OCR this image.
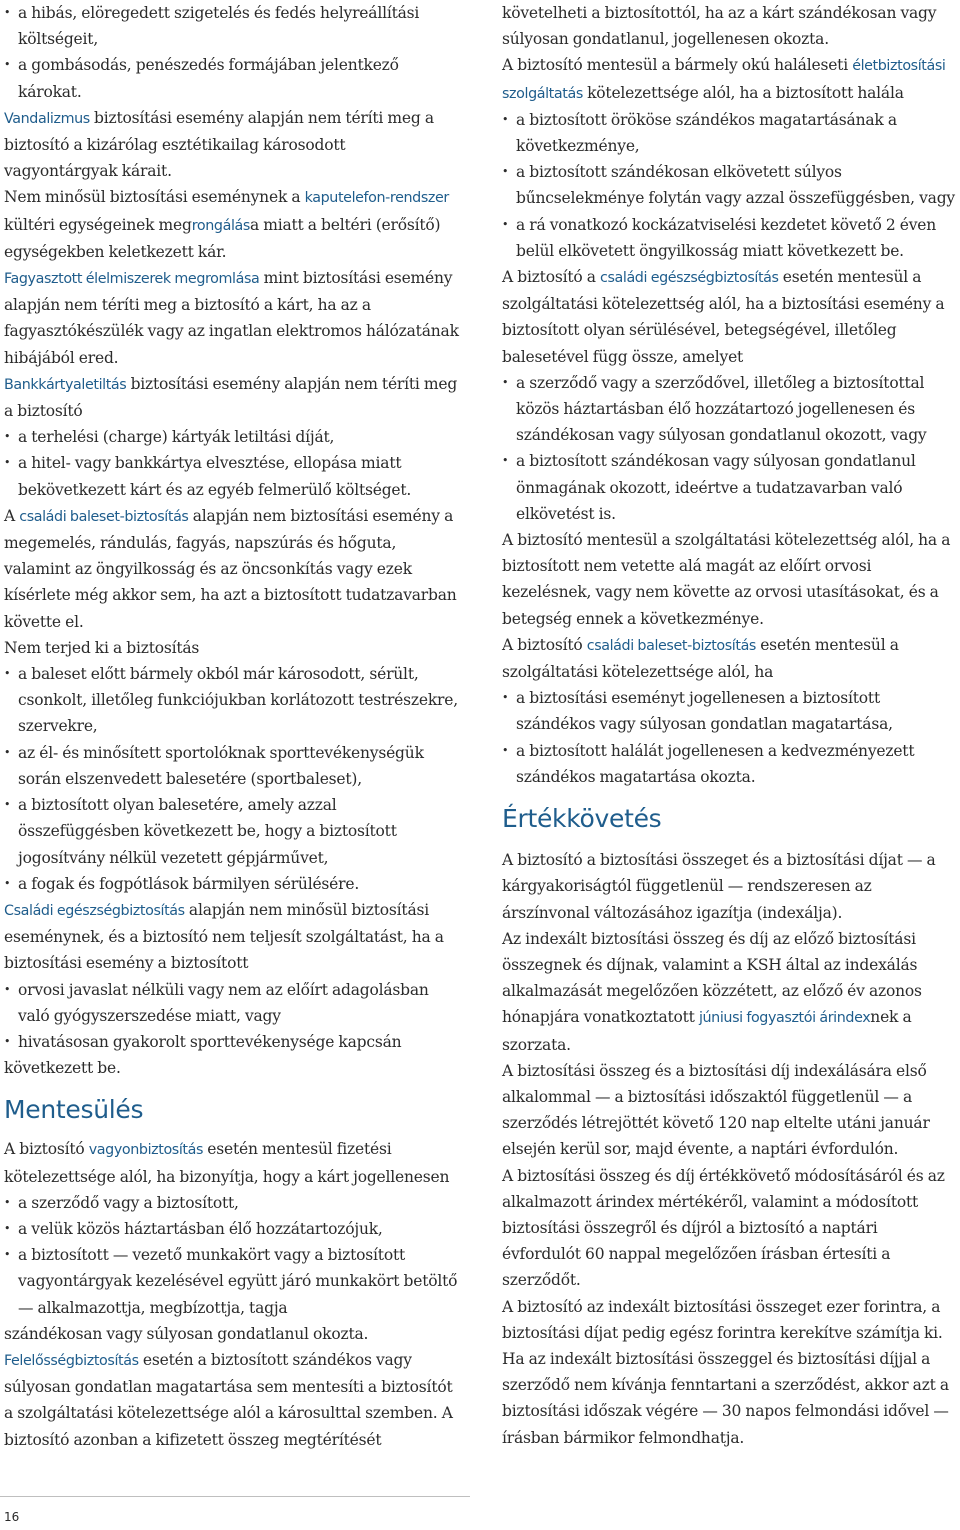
• a hibás, elöregedett szigetelés és fedés helyreállítási költségeit,
• a gombásodás, penészedés formájában jelentkező károkat.

Vandalizmus biztosítási esemény alapján nem téríti meg a biztosító a kizárólag esztétikailag károsodott vagyontárgyak kárait.

Nem minősül biztosítási eseménynek a kaputelefon-rendszer kültéri egységeinek megrongálása miatt a beltéri (erősítő) egységekben keletkezett kár.

Fagyasztott élelmiszerek megromlása mint biztosítási esemény alapján nem téríti meg a biztosító a kárt, ha az a fagyasztókészülék vagy az ingatlan elektromos hálózatának hibájából ered.

Bankkártyaletiltás biztosítási esemény alapján nem téríti meg a biztosító

• a terhelési (charge) kártyák letiltási díját,
• a hitel- vagy bankkártya elvesztése, ellopása miatt bekövetkezett kárt és az egyéb felmerülő költséget.

A családi baleset-biztosítás alapján nem biztosítási esemény a megemelés, rándulás, fagyás, napszúrás és hőguta, valamint az öngyilkosság és az öncsonkítás vagy ezek kísérlete még akkor sem, ha azt a biztosított tudatzavarban követte el.

Nem terjed ki a biztosítás

• a baleset előtt bármely okból már károsodott, sérült, csonkolt, illetőleg funkciójukban korlátozott testrészekre, szervekre,
• az él- és minősített sportolóknak sporttevékenységük során elszenvedett balesetére (sportbaleset),
• a biztosított olyan balesetére, amely azzal összefüggésben következett be, hogy a biztosított jogosítvány nélkül vezetett gépjárművet,
• a fogak és fogpótlások bármilyen sérülésére.

Családi egészségbiztosítás alapján nem minősül biztosítási eseménynek, és a biztosító nem teljesít szolgáltatást, ha a biztosítási esemény a biztosított

• orvosi javaslat nélküli vagy nem az előírt adagolásban való gyógyszerszedése miatt, vagy
• hivatásosan gyakorolt sporttevékenysége kapcsán

következett be.

Mentesülés

A biztosító vagyonbiztosítás esetén mentesül fizetési kötelezettsége alól, ha bizonyítja, hogy a kárt jogellenesen

• a szerződő vagy a biztosított,
• a velük közös háztartásban élő hozzátartozójuk,
• a biztosított — vezető munkakört vagy a biztosított vagyontárgyak kezelésével együtt járó munkakört betöltő — alkalmazottja, megbízottja, tagja

szándékosan vagy súlyosan gondatlanul okozta.

Felelősségbiztosítás esetén a biztosított szándékos vagy súlyosan gondatlan magatartása sem mentesíti a biztosítót a szolgáltatási kötelezettsége alól a károsulttal szemben. A biztosító azonban a kifizetett összeg megtérítését

követelheti a biztosítottól, ha az a kárt szándékosan vagy súlyosan gondatlanul, jogellenesen okozta.

A biztosító mentesül a bármely okú haláleseti életbiztosítási szolgáltatás kötelezettsége alól, ha a biztosított halála

• a biztosított örököse szándékos magatartásának a következménye,
• a biztosított szándékosan elkövetett súlyos bűncselekménye folytán vagy azzal összefüggésben, vagy
• a rá vonatkozó kockázatviselési kezdetet követő 2 éven belül elkövetett öngyilkosság miatt következett be.

A biztosító a családi egészségbiztosítás esetén mentesül a szolgáltatási kötelezettség alól, ha a biztosítási esemény a biztosított olyan sérülésével, betegségével, illetőleg balesetével függ össze, amelyet

• a szerződő vagy a szerződővel, illetőleg a biztosítottal közös háztartásban élő hozzátartozó jogellenesen és szándékosan vagy súlyosan gondatlanul okozott, vagy
• a biztosított szándékosan vagy súlyosan gondatlanul önmagának okozott, ideértve a tudatzavarban való elkövetést is.

A biztosító mentesül a szolgáltatási kötelezettség alól, ha a biztosított nem vetette alá magát az előírt orvosi kezelésnek, vagy nem követte az orvosi utasításokat, és a betegség ennek a következménye.

A biztosító családi baleset-biztosítás esetén mentesül a szolgáltatási kötelezettsége alól, ha

• a biztosítási eseményt jogellenesen a biztosított szándékos vagy súlyosan gondatlan magatartása,
• a biztosított halálát jogellenesen a kedvezményezett szándékos magatartása okozta.
Értékkövetés

A biztosító a biztosítási összeget és a biztosítási díjat — a kárgyakoriságtól függetlenül — rendszeresen az árszínvonal változásához igazítja (indexálja).

Az indexált biztosítási összeg és díj az előző biztosítási összegnek és díjnak, valamint a KSH által az indexálás alkalmazását megelőzően közzétett, az előző év azonos hónapjára vonatkoztatott júniusi fogyasztói árindexnek a szorzata.

A biztosítási összeg és a biztosítási díj indexálására első alkalommal — a biztosítási időszaktól függetlenül — a szerződés létrejöttét követő 120 nap eltelte utáni január elsején kerül sor, majd évente, a naptári évfordulón.

A biztosítási összeg és díj értékkövető módosításáról és az alkalmazott árindex mértékéről, valamint a módosított biztosítási összegről és díjról a biztosító a naptári évfordulót 60 nappal megelőzően írásban értesíti a szerződőt.

A biztosító az indexált biztosítási összeget ezer forintra, a biztosítási díjat pedig egész forintra kerekítve számítja ki.

Ha az indexált biztosítási összeggel és biztosítási díjjal a szerződő nem kívánja fenntartani a szerződést, akkor azt a biztosítási időszak végére — 30 napos felmondási idővel — írásban bármikor felmondhatja.

16
